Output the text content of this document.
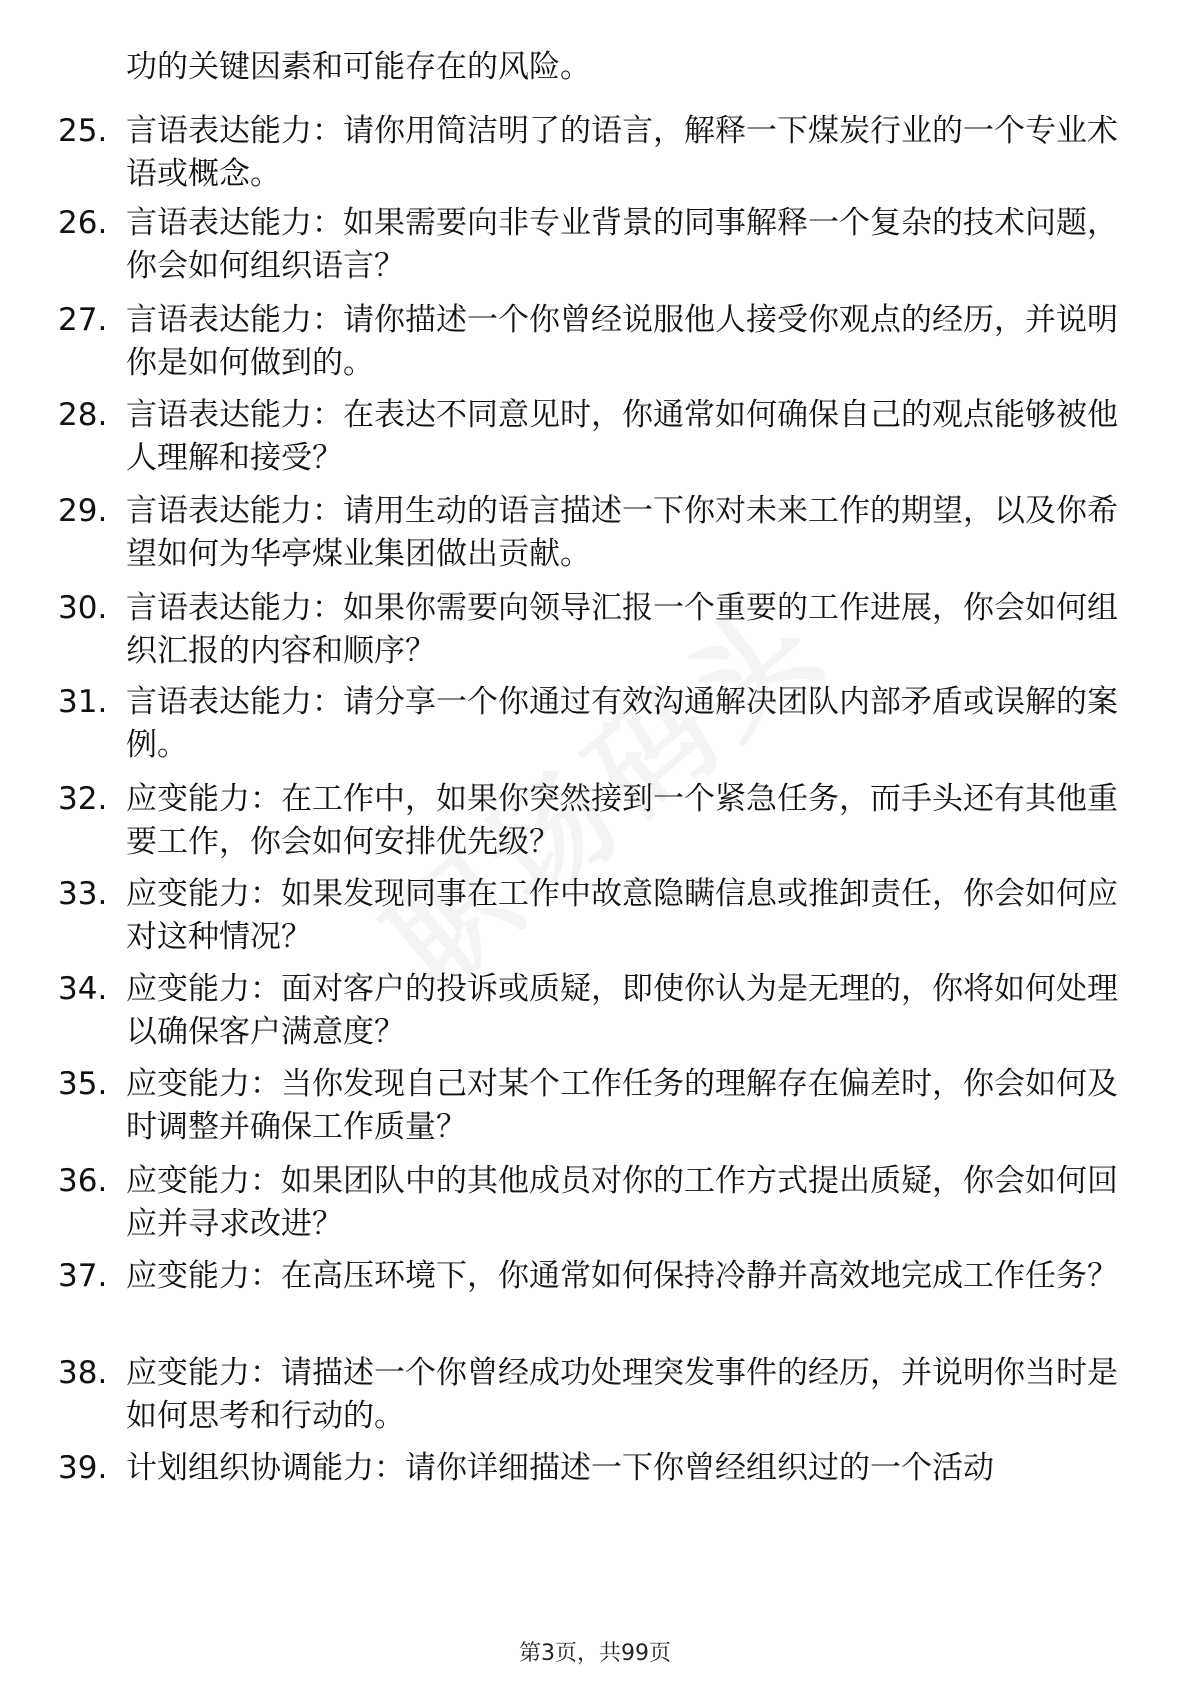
功的关键因素和可能存在的风险。
25. 言语表达能力：请你用简洁明了的语言，解释一下煤炭行业的一个专业术语或概念。
26. 言语表达能力：如果需要向非专业背景的同事解释一个复杂的技术问题，你会如何组织语言？
27. 言语表达能力：请你描述一个你曾经说服他人接受你观点的经历，并说明你是如何做到的。
28. 言语表达能力：在表达不同意见时，你通常如何确保自己的观点能够被他人理解和接受？
29. 言语表达能力：请用生动的语言描述一下你对未来工作的期望，以及你希望如何为华亭煤业集团做出贡献。
30. 言语表达能力：如果你需要向领导汇报一个重要的工作进展，你会如何组织汇报的内容和顺序？
31. 言语表达能力：请分享一个你通过有效沟通解决团队内部矛盾或误解的案例。
32. 应变能力：在工作中，如果你突然接到一个紧急任务，而手头还有其他重要工作，你会如何安排优先级？
33. 应变能力：如果发现同事在工作中故意隐瞒信息或推卸责任，你会如何应对这种情况？
34. 应变能力：面对客户的投诉或质疑，即使你认为是无理的，你将如何处理以确保客户满意度？
35. 应变能力：当你发现自己对某个工作任务的理解存在偏差时，你会如何及时调整并确保工作质量？
36. 应变能力：如果团队中的其他成员对你的工作方式提出质疑，你会如何回应并寻求改进？
37. 应变能力：在高压环境下，你通常如何保持冷静并高效地完成工作任务？
38. 应变能力：请描述一个你曾经成功处理突发事件的经历，并说明你当时是如何思考和行动的。
39. 计划组织协调能力：请你详细描述一下你曾经组织过的一个活动
第3页，共99页
